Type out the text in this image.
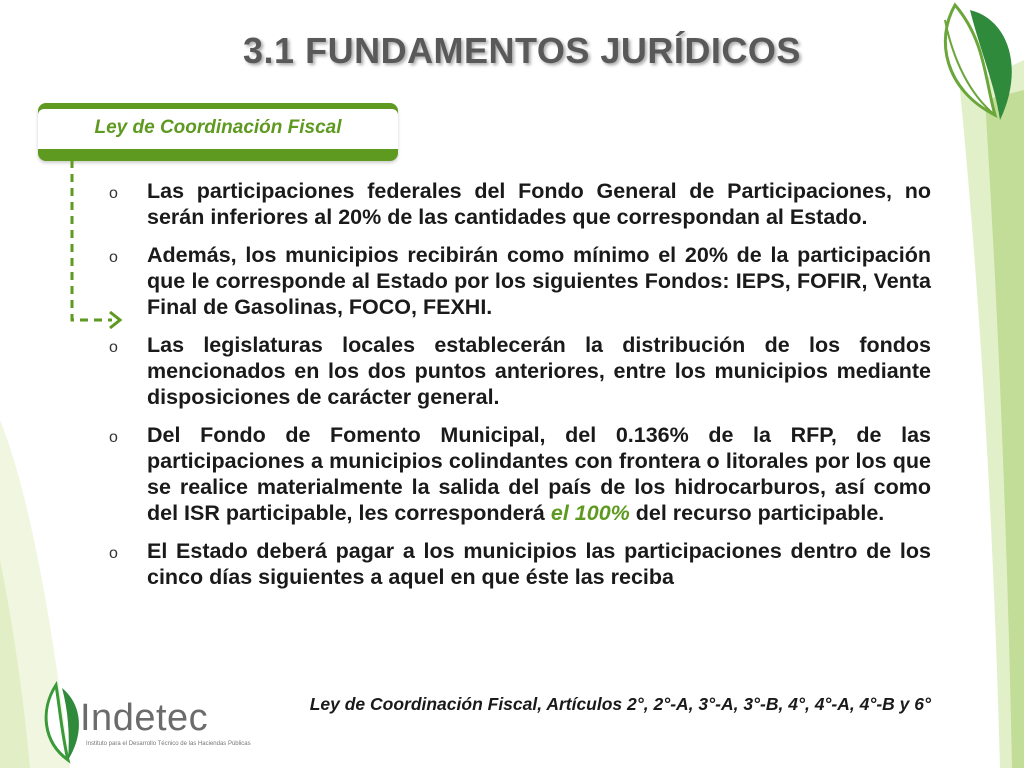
3.1 FUNDAMENTOS JURÍDICOS
Ley de Coordinación Fiscal
o Las participaciones federales del Fondo General de Participaciones, no serán inferiores al 20% de las cantidades que correspondan al Estado.
o Además, los municipios recibirán como mínimo el 20% de la participación que le corresponde al Estado por los siguientes Fondos: IEPS, FOFIR, Venta Final de Gasolinas, FOCO, FEXHI.
o Las legislaturas locales establecerán la distribución de los fondos mencionados en los dos puntos anteriores, entre los municipios mediante disposiciones de carácter general.
o Del Fondo de Fomento Municipal, del 0.136% de la RFP, de las participaciones a municipios colindantes con frontera o litorales por los que se realice materialmente la salida del país de los hidrocarburos, así como del ISR participable, les corresponderá el 100% del recurso participable.
o El Estado deberá pagar a los municipios las participaciones dentro de los cinco días siguientes a aquel en que éste las reciba
Ley de Coordinación Fiscal, Artículos 2°, 2°-A, 3°-A, 3°-B, 4°, 4°-A, 4°-B y 6°
Indetec
Instituto para el Desarrollo Técnico de las Haciendas Públicas
